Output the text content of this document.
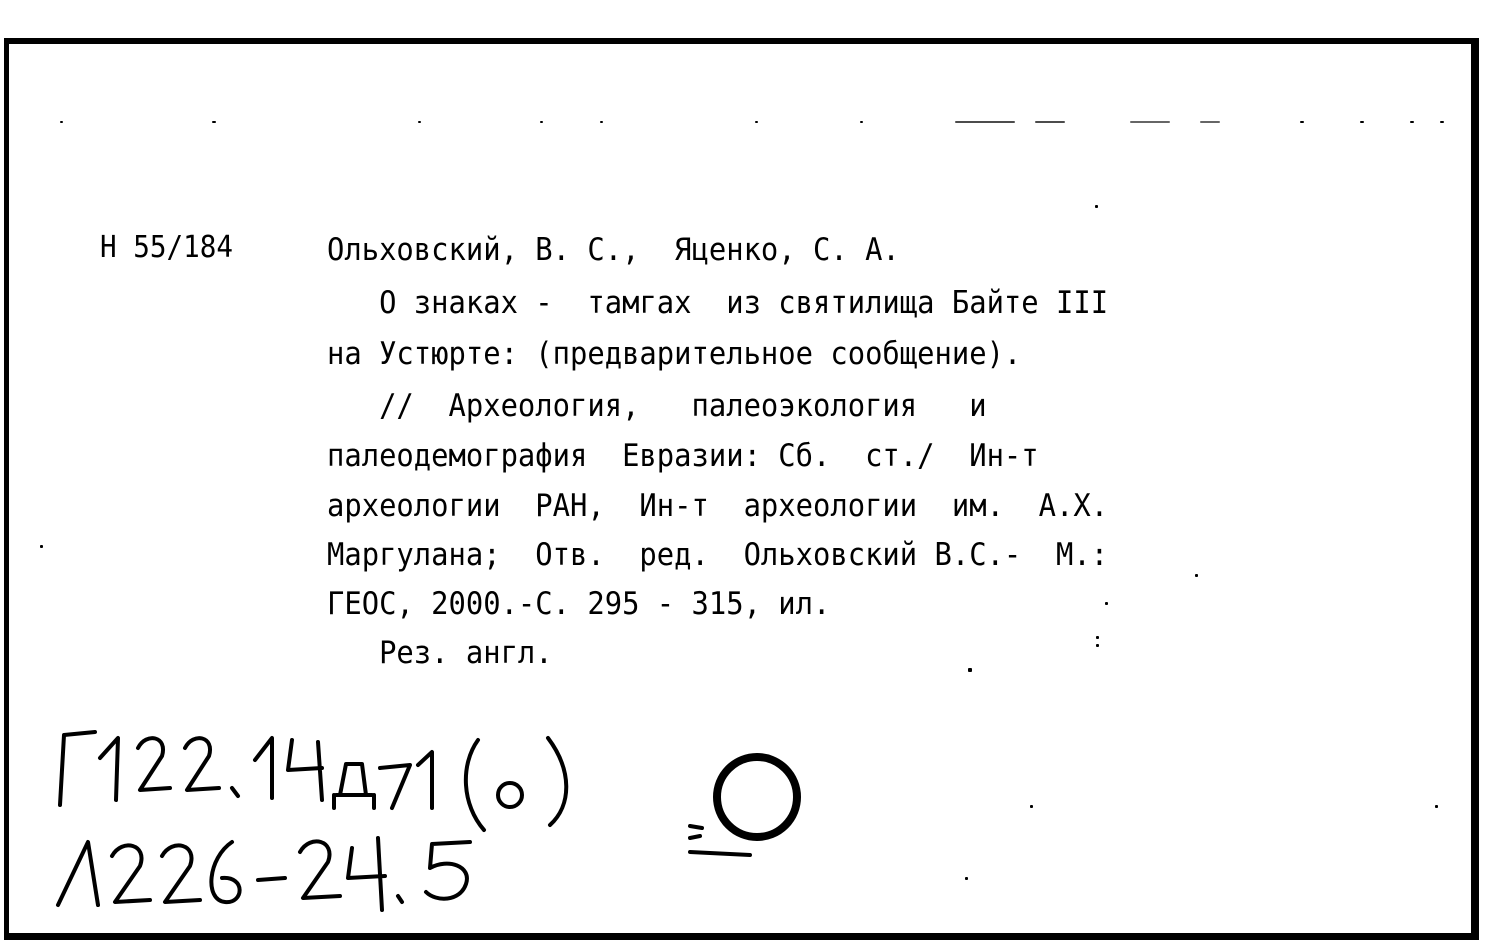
Н 55/184	Ольховский, В. С.,  Яценко, С. А.
О знаках -  тамгах  из святилища Байте III
на Устюрте: (предварительное сообщение).
//  Археология,   палеоэкология   и
палеодемография  Евразии: Сб.  ст./  Ин-т
археологии  РАН,  Ин-т  археологии  им.  А.Х.
Маргулана;  Отв.  ред.  Ольховский В.С.-  М.:
ГЕОС, 2000.-С. 295 - 315, ил.
Рез. англ.
